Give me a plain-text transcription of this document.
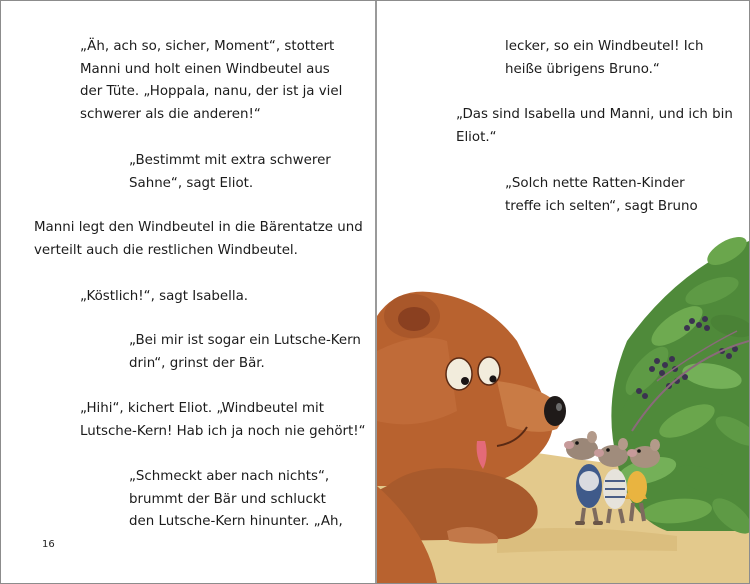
„Äh, ach so, sicher, Moment“, stottert
Manni und holt einen Windbeutel aus
der Tüte. „Hoppala, nanu, der ist ja viel
schwerer als die anderen!“

„Bestimmt mit extra schwerer
Sahne“, sagt Eliot.

Manni legt den Windbeutel in die Bärentatze und
verteilt auch die restlichen Windbeutel.

„Köstlich!“, sagt Isabella.

„Bei mir ist sogar ein Lutsche-Kern
drin“, grinst der Bär.

„Hihi“, kichert Eliot. „Windbeutel mit
Lutsche-Kern! Hab ich ja noch nie gehört!“

„Schmeckt aber nach nichts“,
brummt der Bär und schluckt
den Lutsche-Kern hinunter. „Ah,

16

lecker, so ein Windbeutel! Ich
heiße übrigens Bruno.“

„Das sind Isabella und Manni, und ich bin
Eliot.“

„Solch nette Ratten-Kinder
treffe ich selten“, sagt Bruno
